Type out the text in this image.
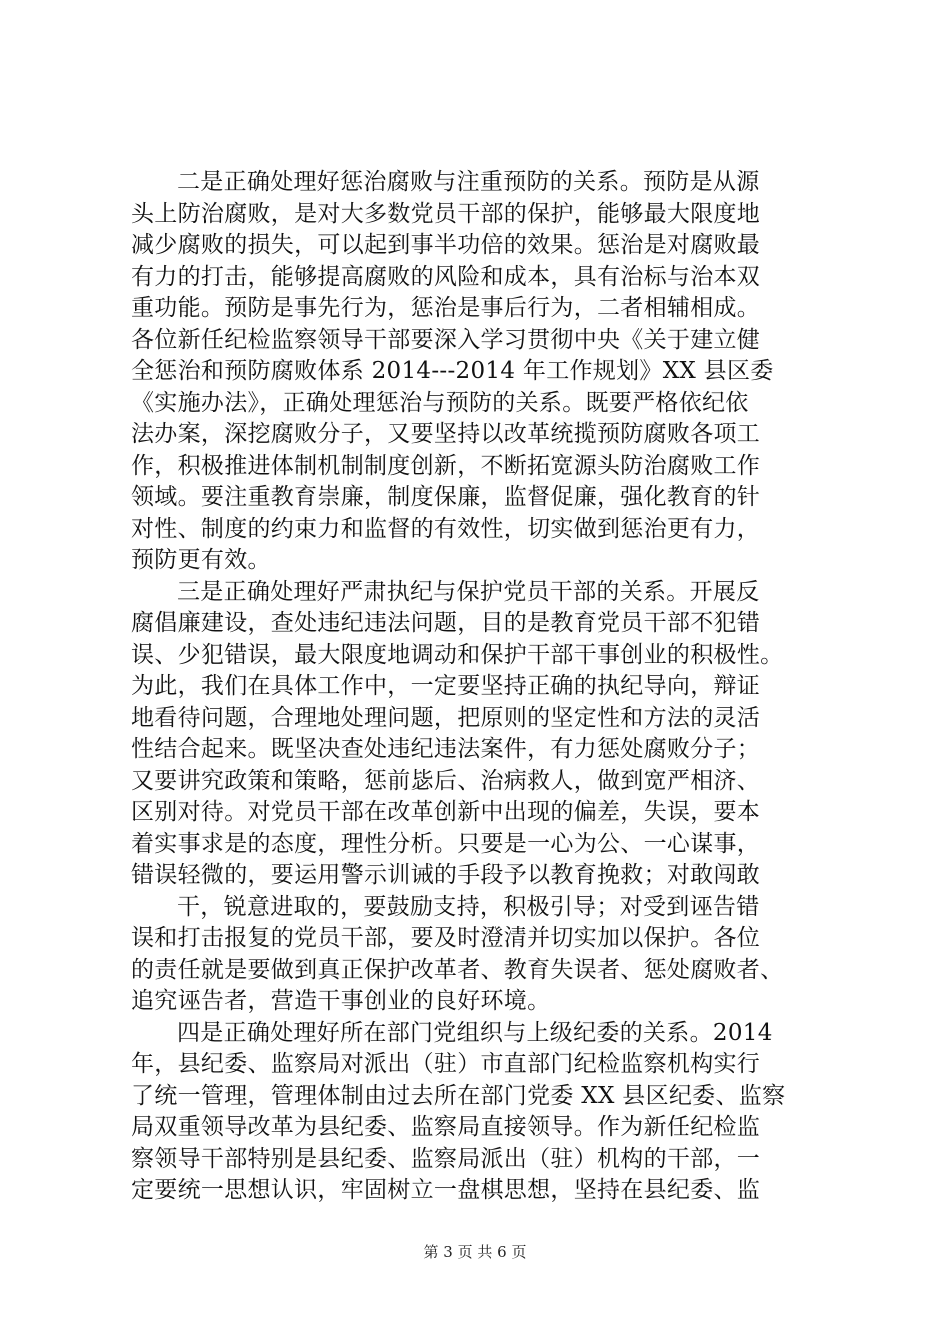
二是正确处理好惩治腐败与注重预防的关系。预防是从源
头上防治腐败，是对大多数党员干部的保护，能够最大限度地
减少腐败的损失，可以起到事半功倍的效果。惩治是对腐败最
有力的打击，能够提高腐败的风险和成本，具有治标与治本双
重功能。预防是事先行为，惩治是事后行为，二者相辅相成。
各位新任纪检监察领导干部要深入学习贯彻中央《关于建立健
全惩治和预防腐败体系 2014---2014 年工作规划》XX 县区委
《实施办法》，正确处理惩治与预防的关系。既要严格依纪依
法办案，深挖腐败分子，又要坚持以改革统揽预防腐败各项工
作，积极推进体制机制制度创新，不断拓宽源头防治腐败工作
领域。要注重教育崇廉，制度保廉，监督促廉，强化教育的针
对性、制度的约束力和监督的有效性，切实做到惩治更有力，
预防更有效。
三是正确处理好严肃执纪与保护党员干部的关系。开展反
腐倡廉建设，查处违纪违法问题，目的是教育党员干部不犯错
误、少犯错误，最大限度地调动和保护干部干事创业的积极性。
为此，我们在具体工作中，一定要坚持正确的执纪导向，辩证
地看待问题，合理地处理问题，把原则的坚定性和方法的灵活
性结合起来。既坚决查处违纪违法案件，有力惩处腐败分子；
又要讲究政策和策略，惩前毖后、治病救人，做到宽严相济、
区别对待。对党员干部在改革创新中出现的偏差，失误，要本
着实事求是的态度，理性分析。只要是一心为公、一心谋事，
错误轻微的，要运用警示训诫的手段予以教育挽救；对敢闯敢
干，锐意进取的，要鼓励支持，积极引导；对受到诬告错
误和打击报复的党员干部，要及时澄清并切实加以保护。各位
的责任就是要做到真正保护改革者、教育失误者、惩处腐败者、
追究诬告者，营造干事创业的良好环境。
四是正确处理好所在部门党组织与上级纪委的关系。2014
年，县纪委、监察局对派出（驻）市直部门纪检监察机构实行
了统一管理，管理体制由过去所在部门党委 XX 县区纪委、监察
局双重领导改革为县纪委、监察局直接领导。作为新任纪检监
察领导干部特别是县纪委、监察局派出（驻）机构的干部，一
定要统一思想认识，牢固树立一盘棋思想，坚持在县纪委、监
第 3 页 共 6 页
